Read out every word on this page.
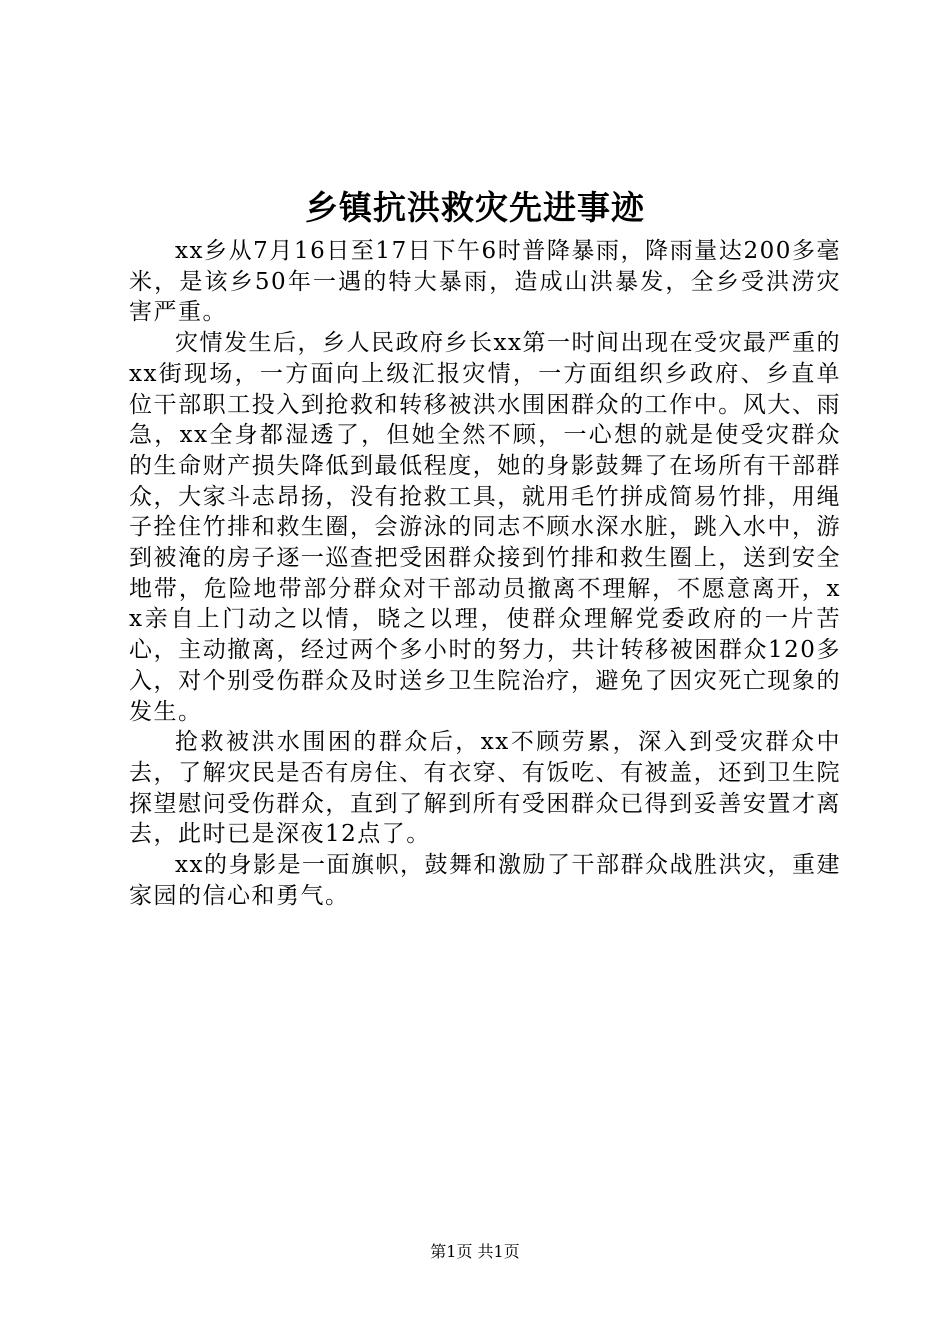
乡镇抗洪救灾先进事迹

xx乡从7月16日至17日下午6时普降暴雨，降雨量达200多毫米，是该乡50年一遇的特大暴雨，造成山洪暴发，全乡受洪涝灾害严重。

灾情发生后，乡人民政府乡长xx第一时间出现在受灾最严重的xx街现场，一方面向上级汇报灾情，一方面组织乡政府、乡直单位干部职工投入到抢救和转移被洪水围困群众的工作中。风大、雨急，xx全身都湿透了，但她全然不顾，一心想的就是使受灾群众的生命财产损失降低到最低程度，她的身影鼓舞了在场所有干部群众，大家斗志昂扬，没有抢救工具，就用毛竹拼成简易竹排，用绳子拴住竹排和救生圈，会游泳的同志不顾水深水脏，跳入水中，游到被淹的房子逐一巡查把受困群众接到竹排和救生圈上，送到安全地带，危险地带部分群众对干部动员撤离不理解，不愿意离开，xx亲自上门动之以情，晓之以理，使群众理解党委政府的一片苦心，主动撤离，经过两个多小时的努力，共计转移被困群众120多入，对个别受伤群众及时送乡卫生院治疗，避免了因灾死亡现象的发生。

抢救被洪水围困的群众后，xx不顾劳累，深入到受灾群众中去，了解灾民是否有房住、有衣穿、有饭吃、有被盖，还到卫生院探望慰问受伤群众，直到了解到所有受困群众已得到妥善安置才离去，此时已是深夜12点了。

xx的身影是一面旗帜，鼓舞和激励了干部群众战胜洪灾，重建家园的信心和勇气。

第1页 共1页
